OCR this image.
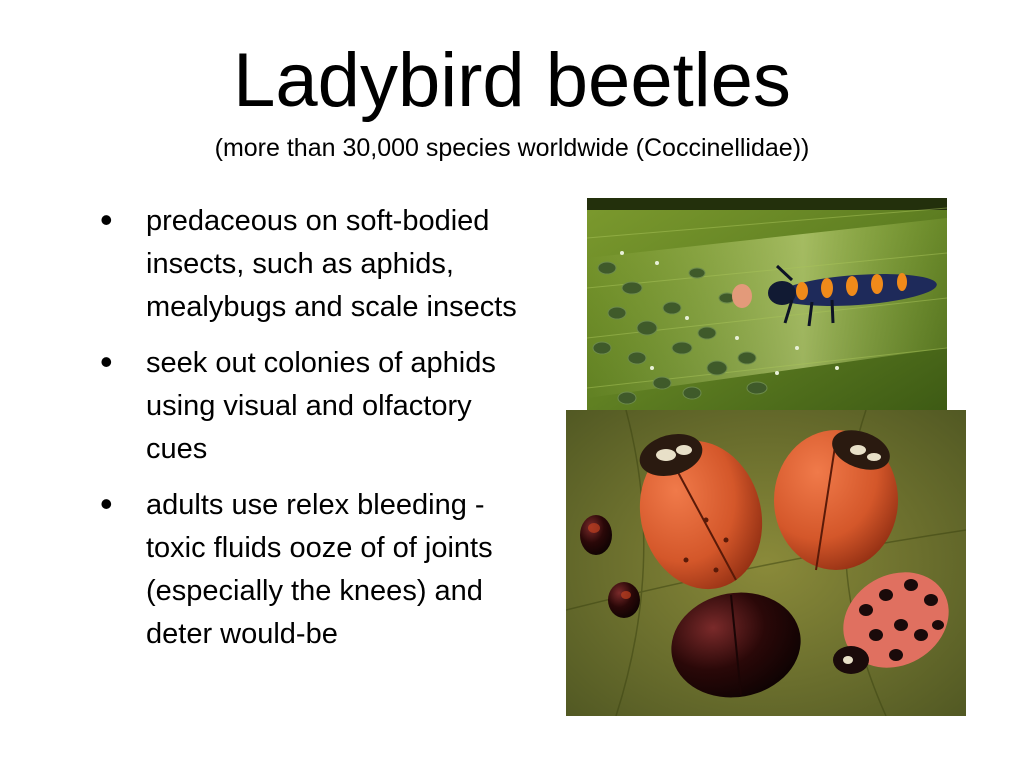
Ladybird beetles
(more than 30,000 species worldwide (Coccinellidae))
• predaceous on soft-bodied insects, such as aphids, mealybugs and scale insects
• seek out colonies of aphids using visual and olfactory cues
• adults use relex bleeding - toxic fluids ooze of of joints (especially the knees) and deter would-be
